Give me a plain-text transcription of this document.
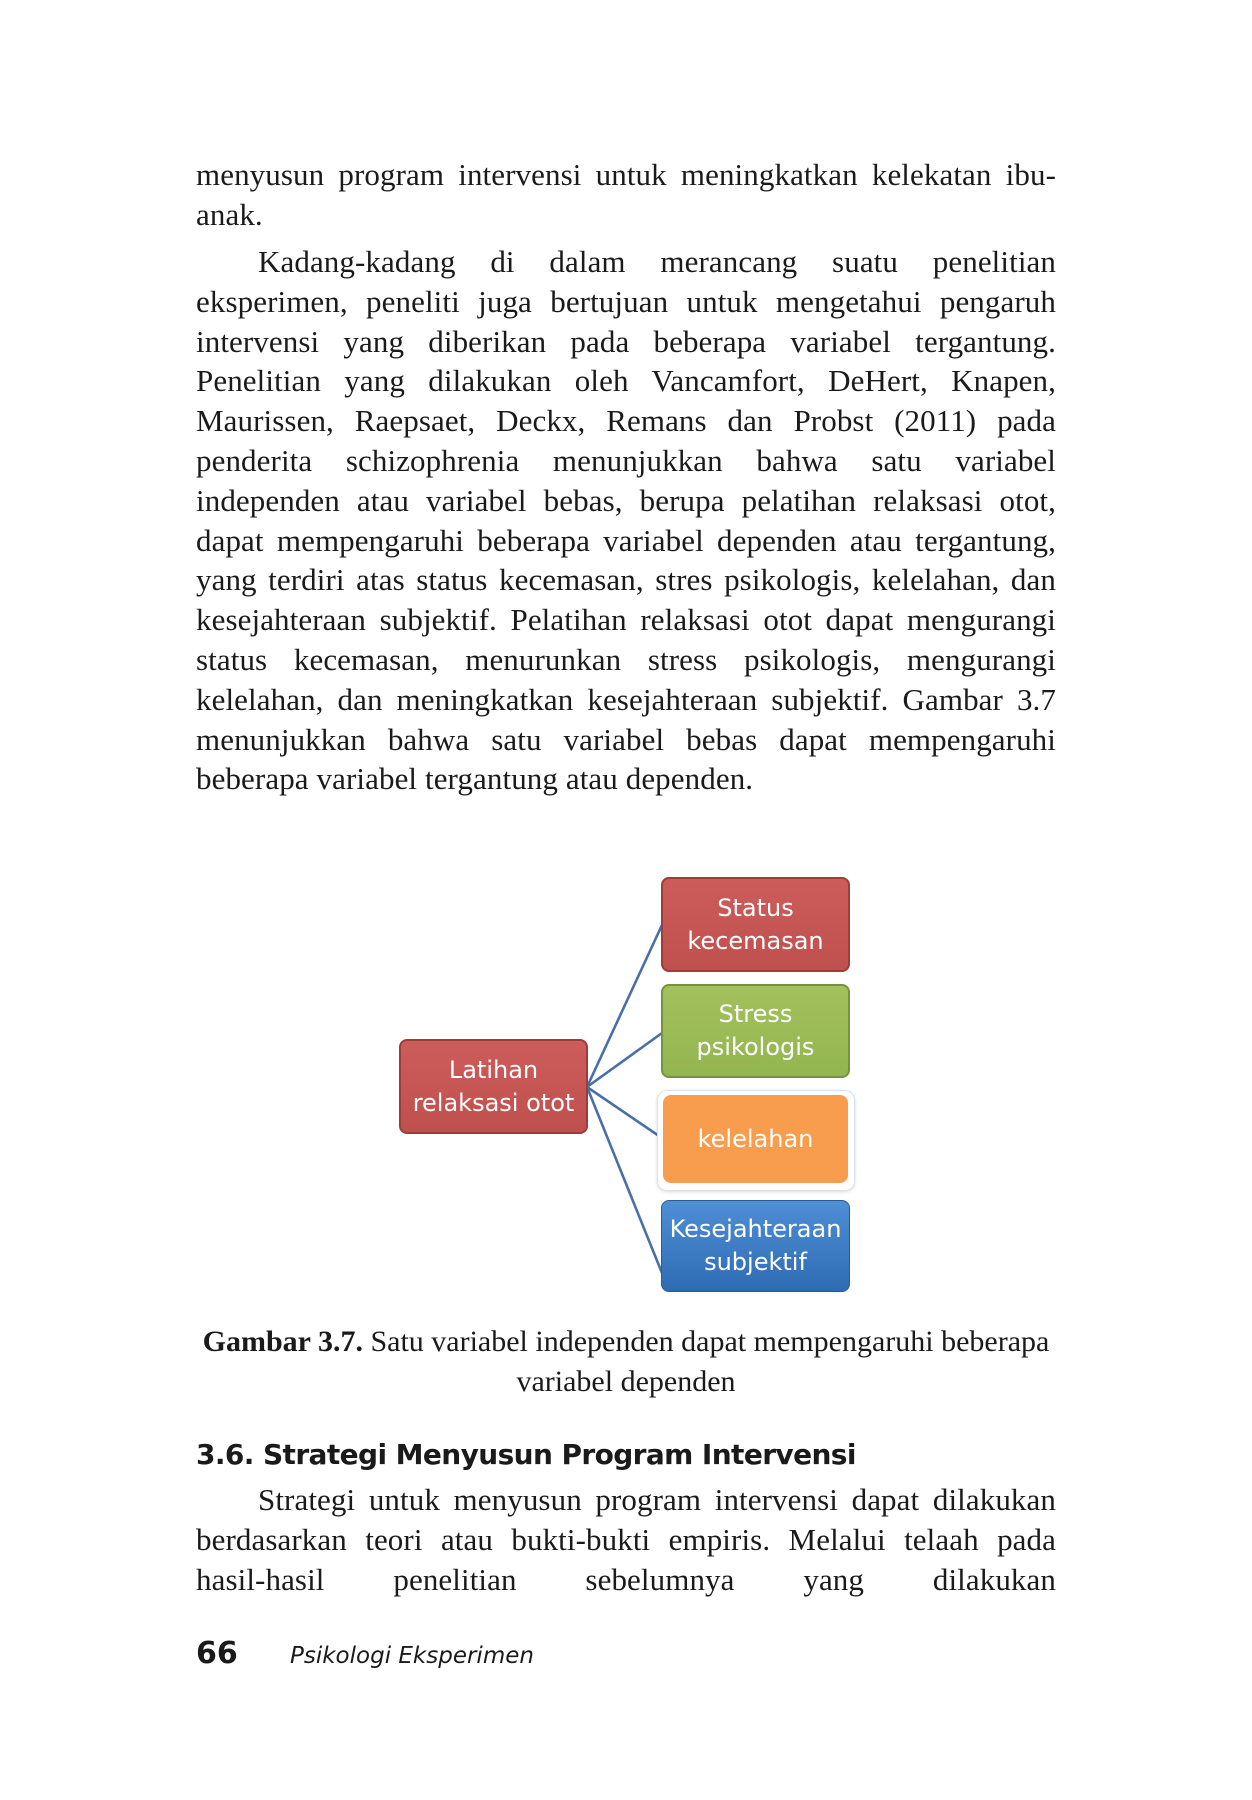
menyusun program intervensi untuk meningkatkan kelekatan ibu-anak.

Kadang-kadang di dalam merancang suatu penelitian eksperimen, peneliti juga bertujuan untuk mengetahui pengaruh intervensi yang diberikan pada beberapa variabel tergantung. Penelitian yang dilakukan oleh Vancamfort, DeHert, Knapen, Maurissen, Raepsaet, Deckx, Remans dan Probst (2011) pada penderita schizophrenia menunjukkan bahwa satu variabel independen atau variabel bebas, berupa pelatihan relaksasi otot, dapat mempengaruhi beberapa variabel dependen atau tergantung, yang terdiri atas status kecemasan, stres psikologis, kelelahan, dan kesejahteraan subjektif. Pelatihan relaksasi otot dapat mengurangi status kecemasan, menurunkan stress psikologis, mengurangi kelelahan, dan meningkatkan kesejahteraan subjektif. Gambar 3.7 menunjukkan bahwa satu variabel bebas dapat mempengaruhi beberapa variabel tergantung atau dependen.

Latihan
relaksasi otot
Status
kecemasan
Stress
psikologis
kelelahan
Kesejahteraan
subjektif
Gambar 3.7. Satu variabel independen dapat mempengaruhi beberapa variabel dependen
3.6. Strategi Menyusun Program Intervensi

Strategi untuk menyusun program intervensi dapat dilakukan berdasarkan teori atau bukti-bukti empiris. Melalui telaah pada hasil-hasil penelitian sebelumnya yang dilakukan

66	Psikologi Eksperimen
